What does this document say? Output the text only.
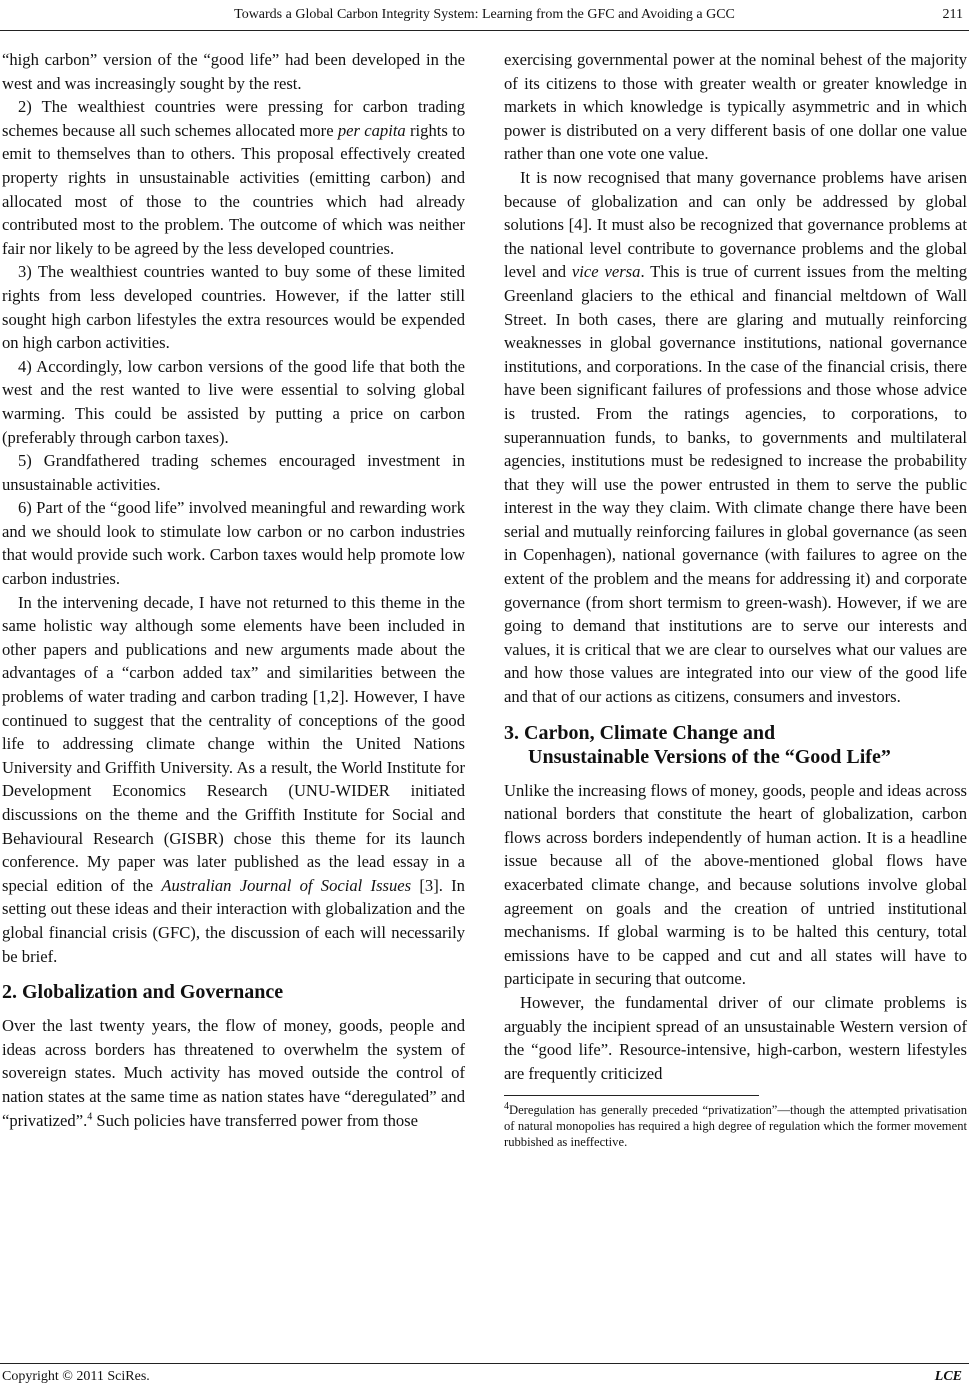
Towards a Global Carbon Integrity System: Learning from the GFC and Avoiding a GCC	211

“high carbon” version of the “good life” had been developed in the west and was increasingly sought by the rest.

2) The wealthiest countries were pressing for carbon trading schemes because all such schemes allocated more per capita rights to emit to themselves than to others. This proposal effectively created property rights in unsustainable activities (emitting carbon) and allocated most of those to the countries which had already contributed most to the problem. The outcome of which was neither fair nor likely to be agreed by the less developed countries.

3) The wealthiest countries wanted to buy some of these limited rights from less developed countries. However, if the latter still sought high carbon lifestyles the extra resources would be expended on high carbon activities.

4) Accordingly, low carbon versions of the good life that both the west and the rest wanted to live were essential to solving global warming. This could be assisted by putting a price on carbon (preferably through carbon taxes).

5) Grandfathered trading schemes encouraged investment in unsustainable activities.

6) Part of the “good life” involved meaningful and rewarding work and we should look to stimulate low carbon or no carbon industries that would provide such work. Carbon taxes would help promote low carbon industries.

In the intervening decade, I have not returned to this theme in the same holistic way although some elements have been included in other papers and publications and new arguments made about the advantages of a “carbon added tax” and similarities between the problems of water trading and carbon trading [1,2]. However, I have continued to suggest that the centrality of conceptions of the good life to addressing climate change within the United Nations University and Griffith University. As a result, the World Institute for Development Economics Research (UNU-WIDER initiated discussions on the theme and the Griffith Institute for Social and Behavioural Research (GISBR) chose this theme for its launch conference. My paper was later published as the lead essay in a special edition of the Australian Journal of Social Issues [3]. In setting out these ideas and their interaction with globalization and the global financial crisis (GFC), the discussion of each will necessarily be brief.

2. Globalization and Governance

Over the last twenty years, the flow of money, goods, people and ideas across borders has threatened to overwhelm the system of sovereign states. Much activity has moved outside the control of nation states at the same time as nation states have “deregulated” and “privatized”.$^4$ Such policies have transferred power from those

exercising governmental power at the nominal behest of the majority of its citizens to those with greater wealth or greater knowledge in markets in which knowledge is typically asymmetric and in which power is distributed on a very different basis of one dollar one value rather than one vote one value.

It is now recognised that many governance problems have arisen because of globalization and can only be addressed by global solutions [4]. It must also be recognized that governance problems at the national level contribute to governance problems and the global level and vice versa. This is true of current issues from the melting Greenland glaciers to the ethical and financial meltdown of Wall Street. In both cases, there are glaring and mutually reinforcing weaknesses in global governance institutions, national governance institutions, and corporations. In the case of the financial crisis, there have been significant failures of professions and those whose advice is trusted. From the ratings agencies, to corporations, to superannuation funds, to banks, to governments and multilateral agencies, institutions must be redesigned to increase the probability that they will use the power entrusted in them to serve the public interest in the way they claim. With climate change there have been serial and mutually reinforcing failures in global governance (as seen in Copenhagen), national governance (with failures to agree on the extent of the problem and the means for addressing it) and corporate governance (from short termism to green-wash). However, if we are going to demand that institutions are to serve our interests and values, it is critical that we are clear to ourselves what our values are and how those values are integrated into our view of the good life and that of our actions as citizens, consumers and investors.

3. Carbon, Climate Change and
Unsustainable Versions of the “Good Life”

Unlike the increasing flows of money, goods, people and ideas across national borders that constitute the heart of globalization, carbon flows across borders independently of human action. It is a headline issue because all of the above-mentioned global flows have exacerbated climate change, and because solutions involve global agreement on goals and the creation of untried institutional mechanisms. If global warming is to be halted this century, total emissions have to be capped and cut and all states will have to participate in securing that outcome.

However, the fundamental driver of our climate problems is arguably the incipient spread of an unsustainable Western version of the “good life”. Resource-intensive, high-carbon, western lifestyles are frequently criticized

$^4$Deregulation has generally preceded “privatization”—though the attempted privatisation of natural monopolies has required a high degree of regulation which the former movement rubbished as ineffective.
Copyright © 2011 SciRes.	LCE
